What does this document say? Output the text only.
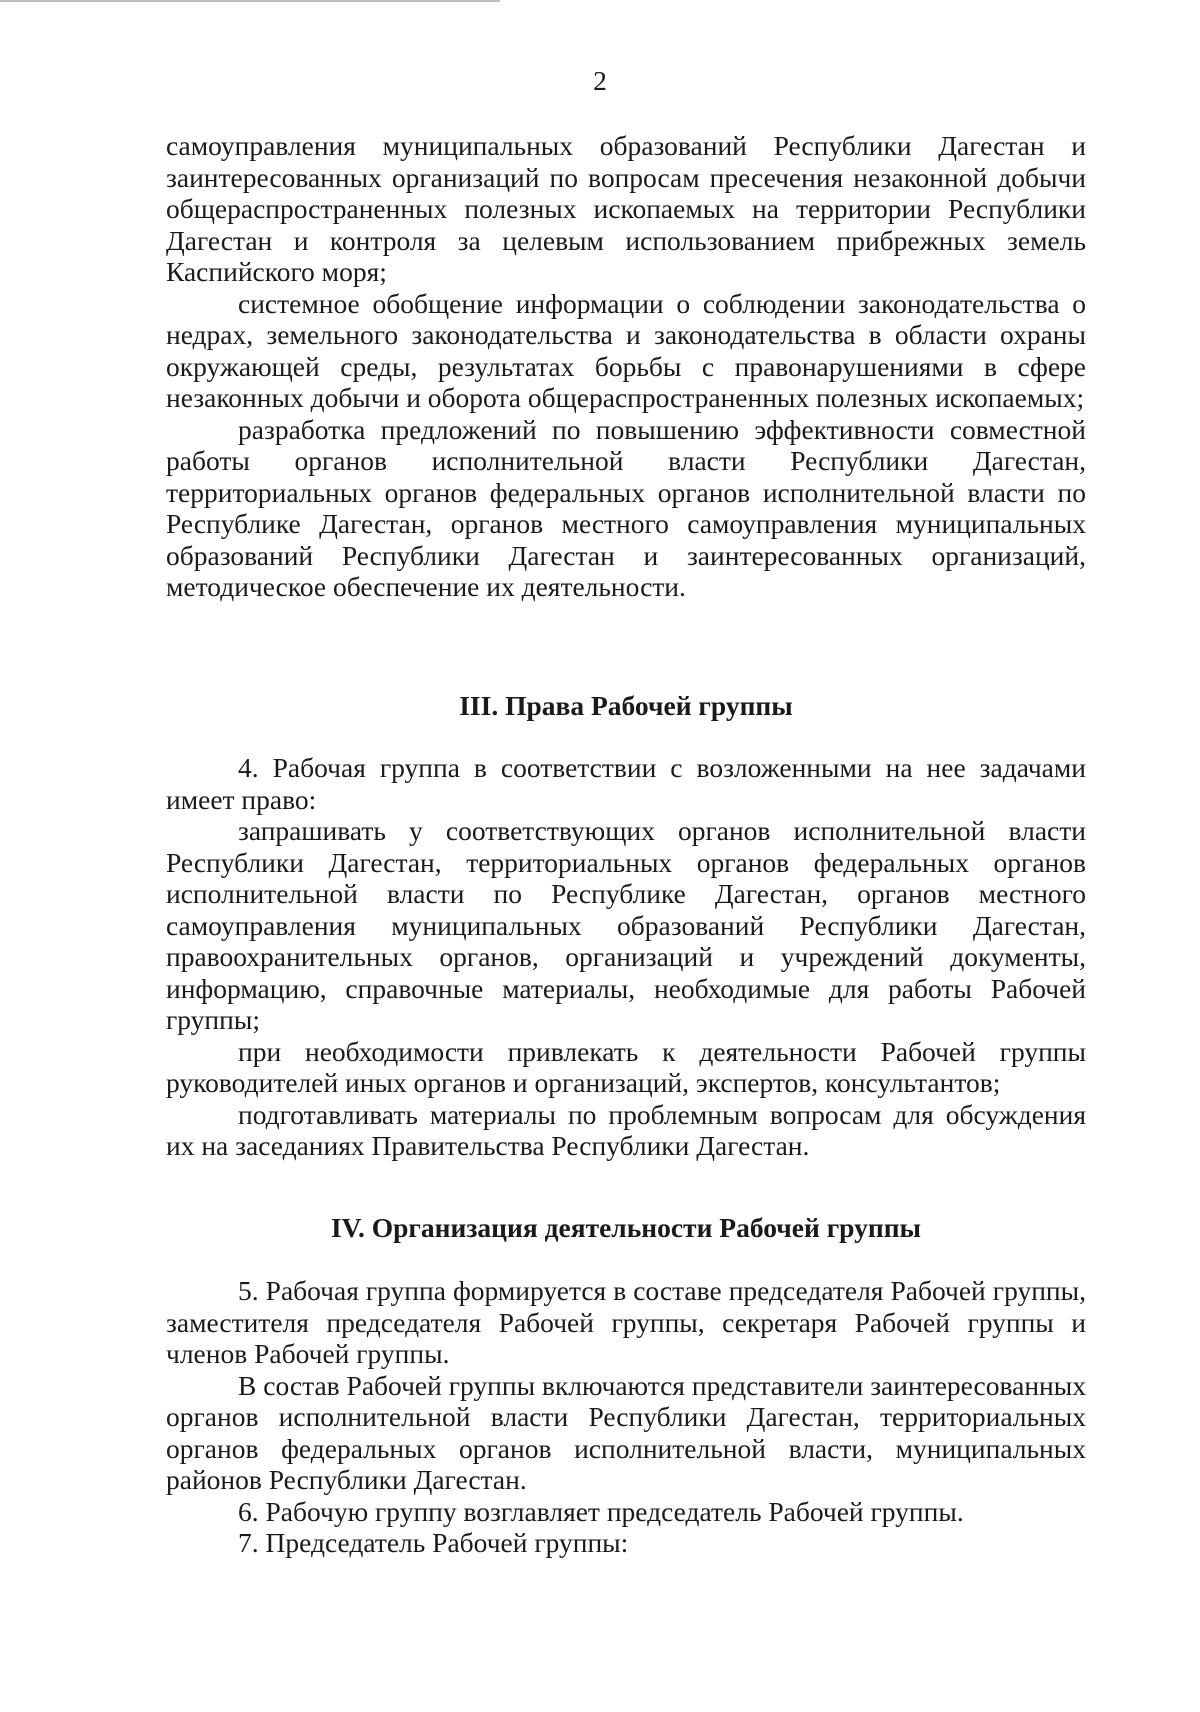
2

самоуправления муниципальных образований Республики Дагестан и заинтересованных организаций по вопросам пресечения незаконной добычи общераспространенных полезных ископаемых на территории Республики Дагестан и контроля за целевым использованием прибрежных земель Каспийского моря;

системное обобщение информации о соблюдении законодательства о недрах, земельного законодательства и законодательства в области охраны окружающей среды, результатах борьбы с правонарушениями в сфере незаконных добычи и оборота общераспространенных полезных ископаемых;

разработка предложений по повышению эффективности совместной работы органов исполнительной власти Республики Дагестан, территориальных органов федеральных органов исполнительной власти по Республике Дагестан, органов местного самоуправления муниципальных образований Республики Дагестан и заинтересованных организаций, методическое обеспечение их деятельности.

III. Права Рабочей группы

4. Рабочая группа в соответствии с возложенными на нее задачами имеет право:

запрашивать у соответствующих органов исполнительной власти Республики Дагестан, территориальных органов федеральных органов исполнительной власти по Республике Дагестан, органов местного самоуправления муниципальных образований Республики Дагестан, правоохранительных органов, организаций и учреждений документы, информацию, справочные материалы, необходимые для работы Рабочей группы;

при необходимости привлекать к деятельности Рабочей группы руководителей иных органов и организаций, экспертов, консультантов;

подготавливать материалы по проблемным вопросам для обсуждения их на заседаниях Правительства Республики Дагестан.

IV. Организация деятельности Рабочей группы

5. Рабочая группа формируется в составе председателя Рабочей группы, заместителя председателя Рабочей группы, секретаря Рабочей группы и членов Рабочей группы.

В состав Рабочей группы включаются представители заинтересованных органов исполнительной власти Республики Дагестан, территориальных органов федеральных органов исполнительной власти, муниципальных районов Республики Дагестан.

6. Рабочую группу возглавляет председатель Рабочей группы.

7. Председатель Рабочей группы:
